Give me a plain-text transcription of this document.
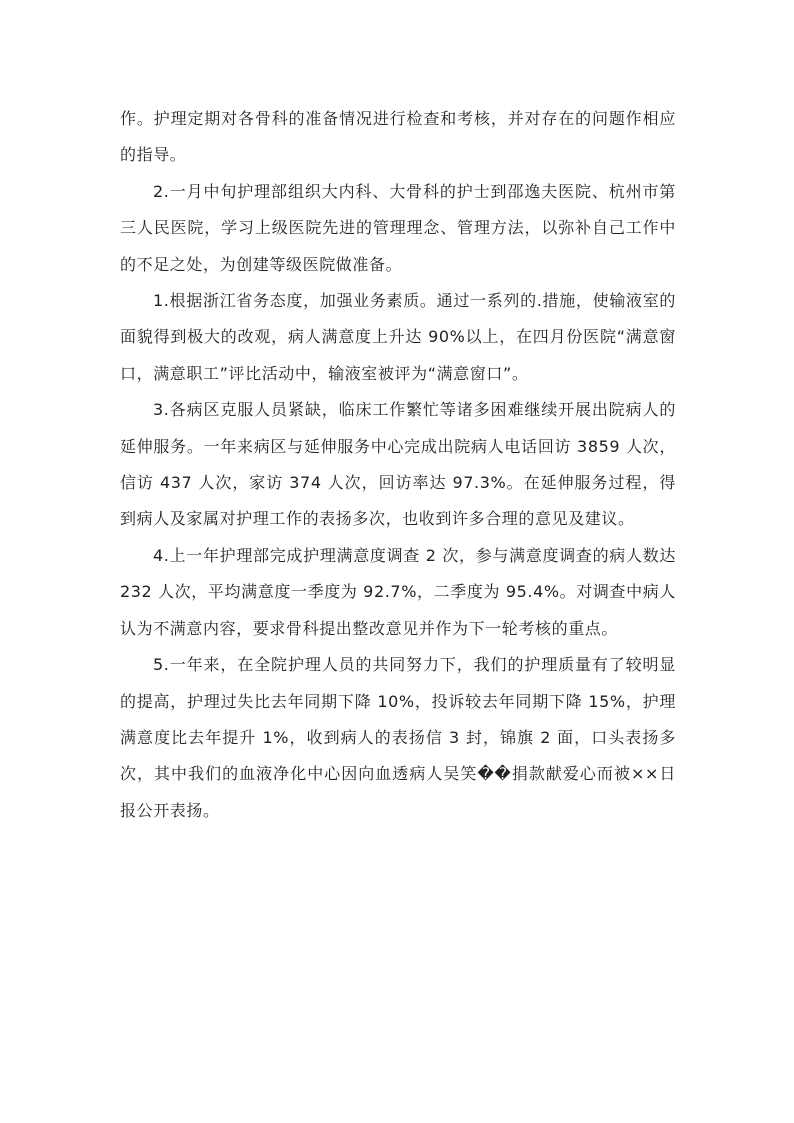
作。护理定期对各骨科的准备情况进行检查和考核，并对存在的问题作相应的指导。

2.一月中旬护理部组织大内科、大骨科的护士到邵逸夫医院、杭州市第三人民医院，学习上级医院先进的管理理念、管理方法，以弥补自己工作中的不足之处，为创建等级医院做准备。

1.根据浙江省务态度，加强业务素质。通过一系列的.措施，使输液室的面貌得到极大的改观，病人满意度上升达 90%以上，在四月份医院“满意窗口，满意职工”评比活动中，输液室被评为“满意窗口”。

3.各病区克服人员紧缺，临床工作繁忙等诸多困难继续开展出院病人的延伸服务。一年来病区与延伸服务中心完成出院病人电话回访 3859 人次，信访 437 人次，家访 374 人次，回访率达 97.3%。在延伸服务过程，得到病人及家属对护理工作的表扬多次，也收到许多合理的意见及建议。

4.上一年护理部完成护理满意度调查 2 次，参与满意度调查的病人数达 232 人次，平均满意度一季度为 92.7%，二季度为 95.4%。对调查中病人认为不满意内容，要求骨科提出整改意见并作为下一轮考核的重点。

5.一年来，在全院护理人员的共同努力下，我们的护理质量有了较明显的提高，护理过失比去年同期下降 10%，投诉较去年同期下降 15%，护理满意度比去年提升 1%，收到病人的表扬信 3 封，锦旗 2 面，口头表扬多次，其中我们的血液净化中心因向血透病人吴笑��捐款献爱心而被××日报公开表扬。
